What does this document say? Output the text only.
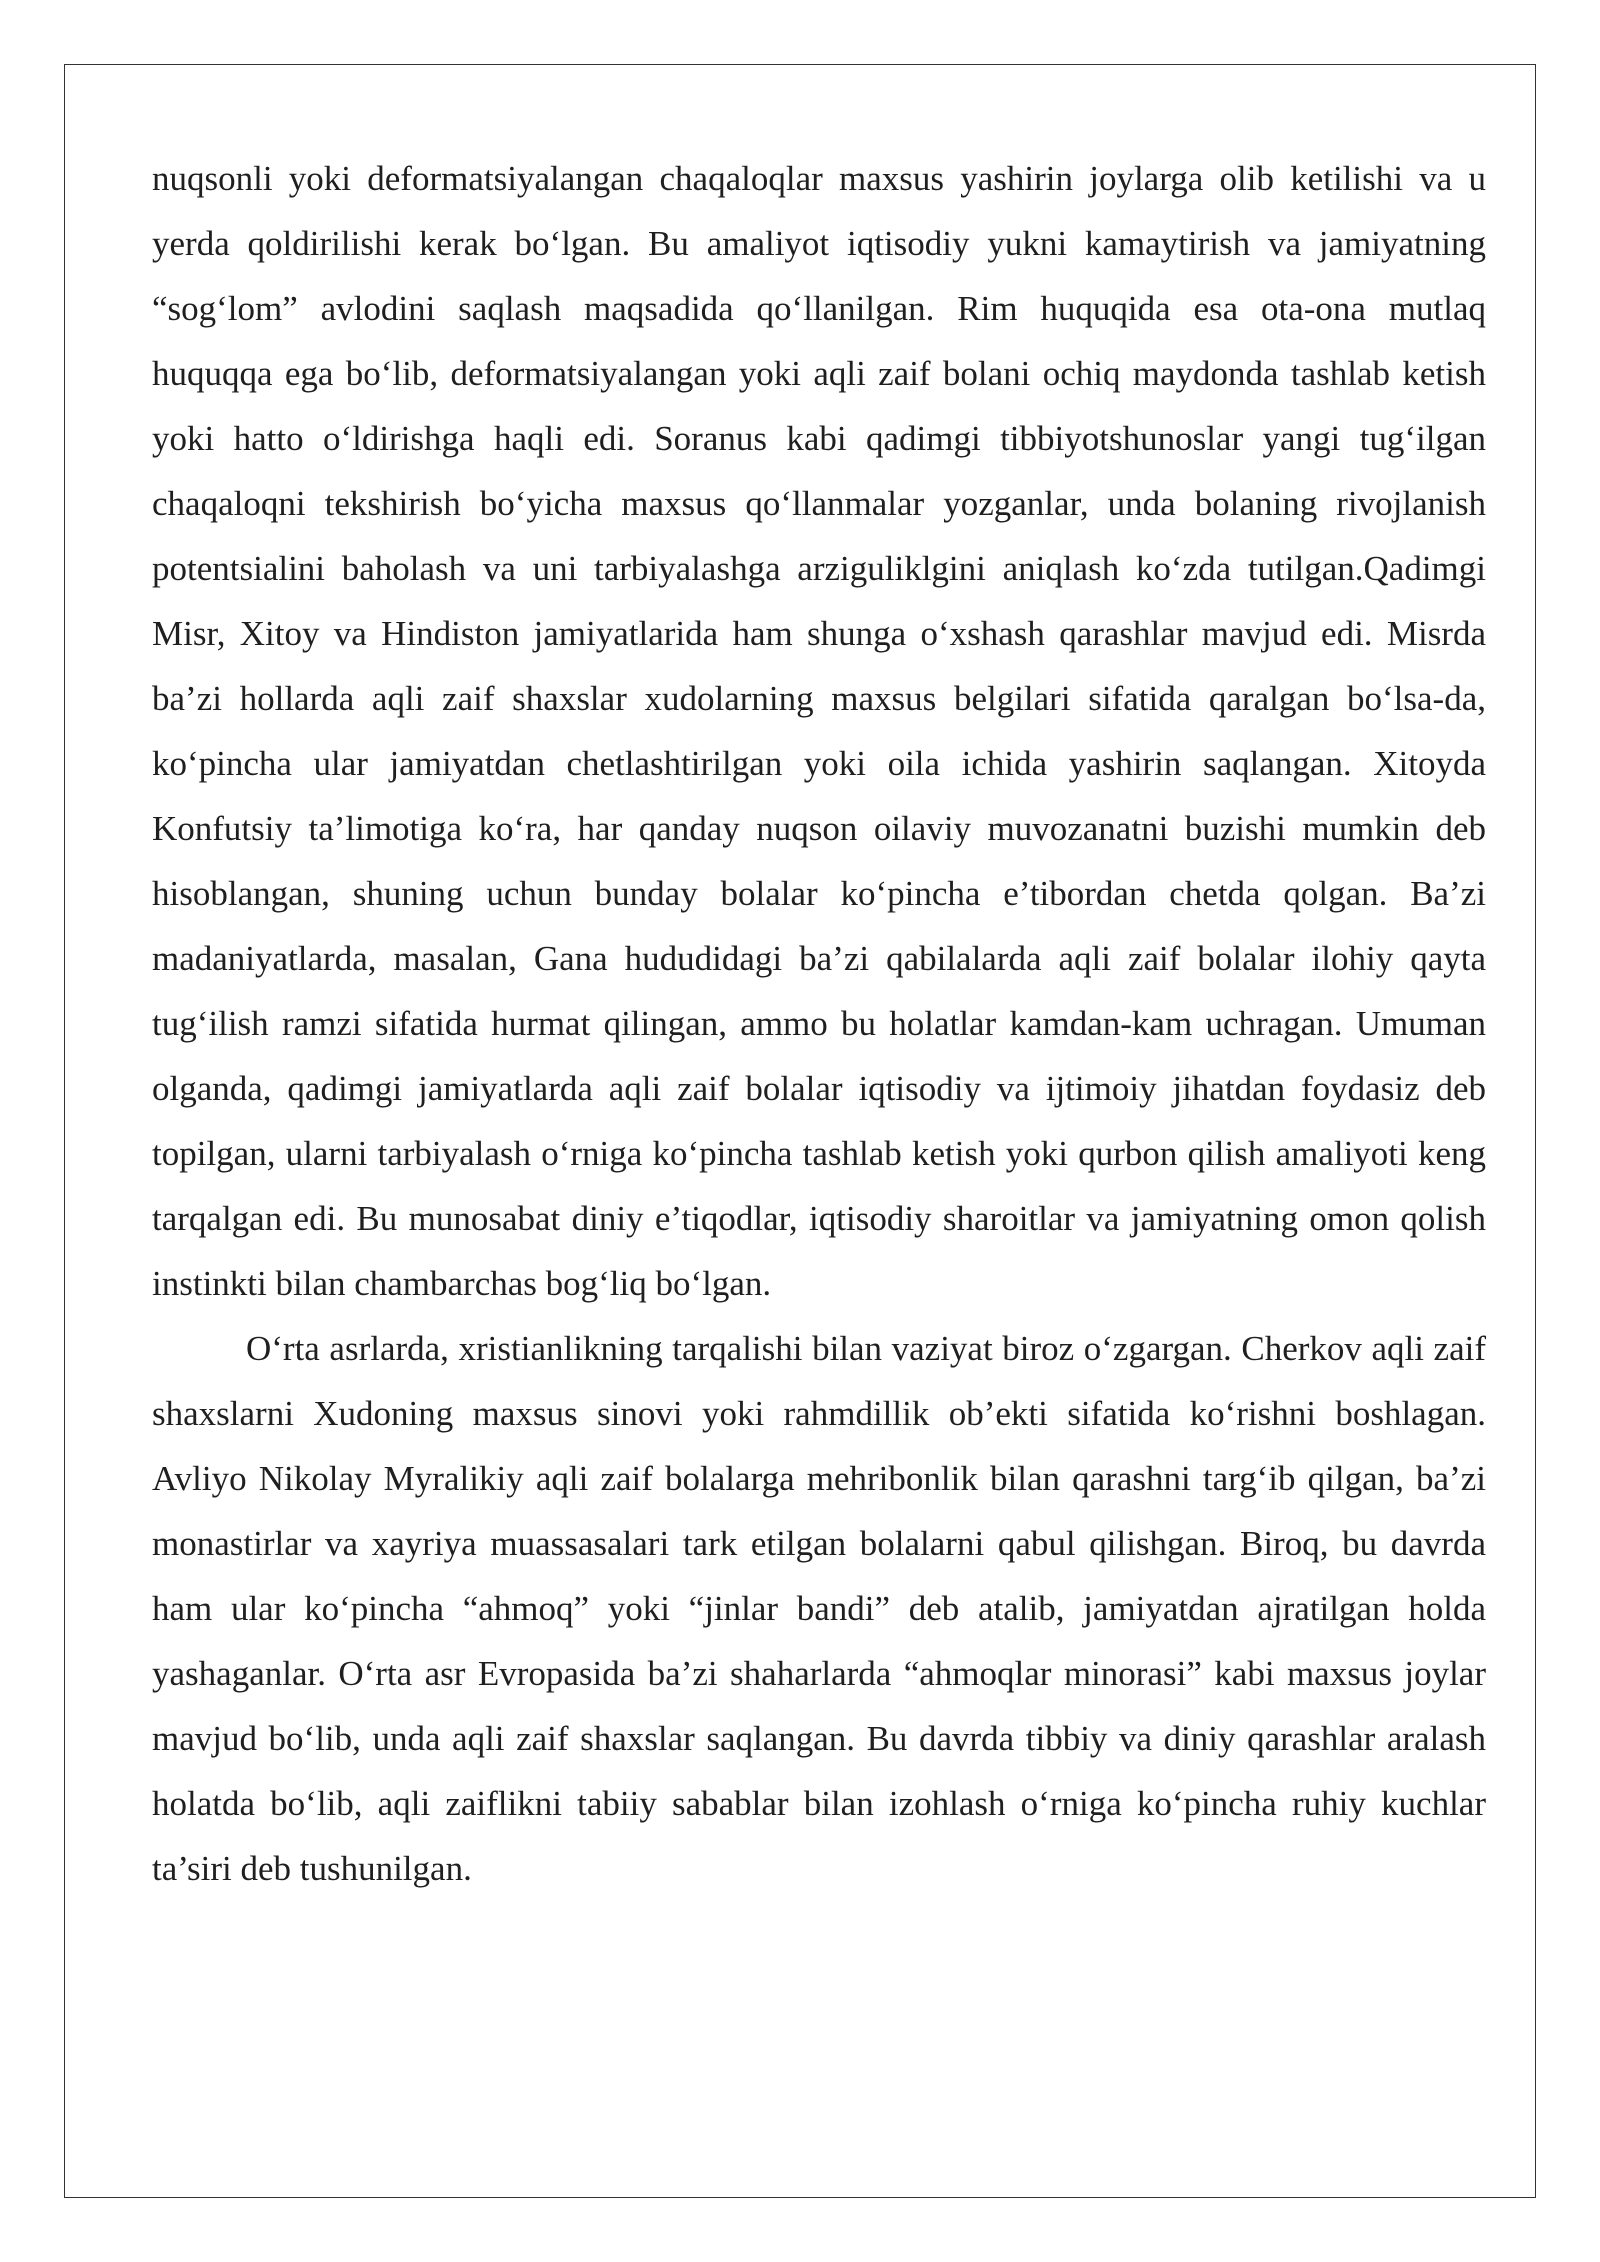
nuqsonli yoki deformatsiyalangan chaqaloqlar maxsus yashirin joylarga olib ketilishi va u yerda qoldirilishi kerak bo‘lgan. Bu amaliyot iqtisodiy yukni kamaytirish va jamiyatning “sog‘lom” avlodini saqlash maqsadida qo‘llanilgan. Rim huquqida esa ota-ona mutlaq huquqqa ega bo‘lib, deformatsiyalangan yoki aqli zaif bolani ochiq maydonda tashlab ketish yoki hatto o‘ldirishga haqli edi. Soranus kabi qadimgi tibbiyotshunoslar yangi tug‘ilgan chaqaloqni tekshirish bo‘yicha maxsus qo‘llanmalar yozganlar, unda bolaning rivojlanish potentsialini baholash va uni tarbiyalashga arziguliklgini aniqlash ko‘zda tutilgan.Qadimgi Misr, Xitoy va Hindiston jamiyatlarida ham shunga o‘xshash qarashlar mavjud edi. Misrda ba’zi hollarda aqli zaif shaxslar xudolarning maxsus belgilari sifatida qaralgan bo‘lsa-da, ko‘pincha ular jamiyatdan chetlashtirilgan yoki oila ichida yashirin saqlangan. Xitoyda Konfutsiy ta’limotiga ko‘ra, har qanday nuqson oilaviy muvozanatni buzishi mumkin deb hisoblangan, shuning uchun bunday bolalar ko‘pincha e’tibordan chetda qolgan. Ba’zi madaniyatlarda, masalan, Gana hududidagi ba’zi qabilalarda aqli zaif bolalar ilohiy qayta tug‘ilish ramzi sifatida hurmat qilingan, ammo bu holatlar kamdan-kam uchragan. Umuman olganda, qadimgi jamiyatlarda aqli zaif bolalar iqtisodiy va ijtimoiy jihatdan foydasiz deb topilgan, ularni tarbiyalash o‘rniga ko‘pincha tashlab ketish yoki qurbon qilish amaliyoti keng tarqalgan edi. Bu munosabat diniy e’tiqodlar, iqtisodiy sharoitlar va jamiyatning omon qolish instinkti bilan chambarchas bog‘liq bo‘lgan.

O‘rta asrlarda, xristianlikning tarqalishi bilan vaziyat biroz o‘zgargan. Cherkov aqli zaif shaxslarni Xudoning maxsus sinovi yoki rahmdillik ob’ekti sifatida ko‘rishni boshlagan. Avliyo Nikolay Myralikiy aqli zaif bolalarga mehribonlik bilan qarashni targ‘ib qilgan, ba’zi monastirlar va xayriya muassasalari tark etilgan bolalarni qabul qilishgan. Biroq, bu davrda ham ular ko‘pincha “ahmoq” yoki “jinlar bandi” deb atalib, jamiyatdan ajratilgan holda yashaganlar. O‘rta asr Evropasida ba’zi shaharlarda “ahmoqlar minorasi” kabi maxsus joylar mavjud bo‘lib, unda aqli zaif shaxslar saqlangan. Bu davrda tibbiy va diniy qarashlar aralash holatda bo‘lib, aqli zaiflikni tabiiy sabablar bilan izohlash o‘rniga ko‘pincha ruhiy kuchlar ta’siri deb tushunilgan.
